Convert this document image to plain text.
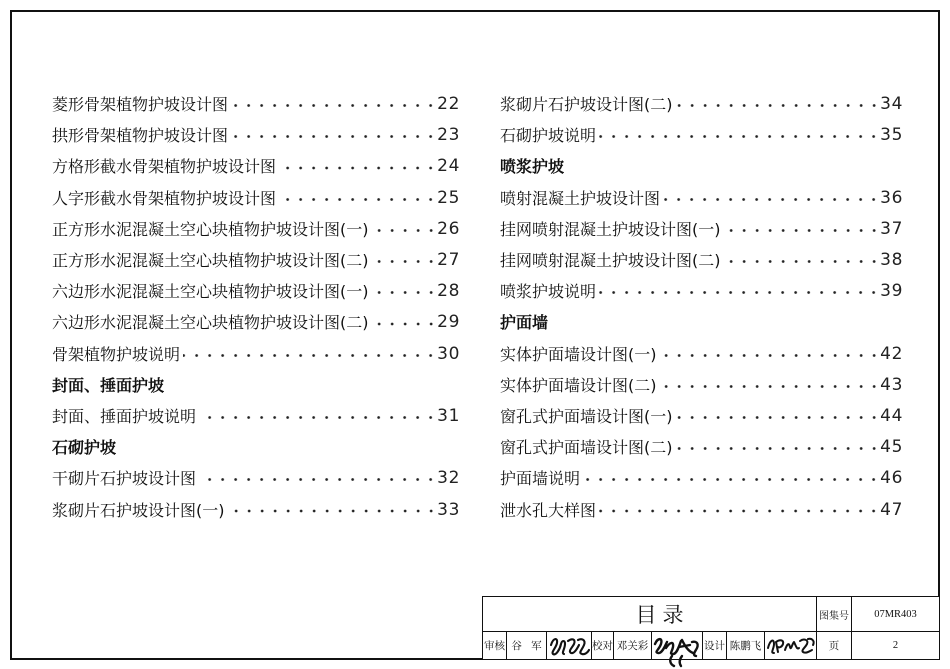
菱形骨架植物护坡设计图	22
拱形骨架植物护坡设计图	23
方格形截水骨架植物护坡设计图	24
人字形截水骨架植物护坡设计图	25
正方形水泥混凝土空心块植物护坡设计图(一)	26
正方形水泥混凝土空心块植物护坡设计图(二)	27
六边形水泥混凝土空心块植物护坡设计图(一)	28
六边形水泥混凝土空心块植物护坡设计图(二)	29
骨架植物护坡说明	30
封面、捶面护坡
封面、捶面护坡说明	31
石砌护坡
干砌片石护坡设计图	32
浆砌片石护坡设计图(一)	33
浆砌片石护坡设计图(二)	34
石砌护坡说明	35
喷浆护坡
喷射混凝土护坡设计图	36
挂网喷射混凝土护坡设计图(一)	37
挂网喷射混凝土护坡设计图(二)	38
喷浆护坡说明	39
护面墙
实体护面墙设计图(一)	42
实体护面墙设计图(二)	43
窗孔式护面墙设计图(一)	44
窗孔式护面墙设计图(二)	45
护面墙说明	46
泄水孔大样图	47
目录	图集号	07MR403
审核 谷 军	校对 邓关彩	设计 陈鹏飞	页	2
